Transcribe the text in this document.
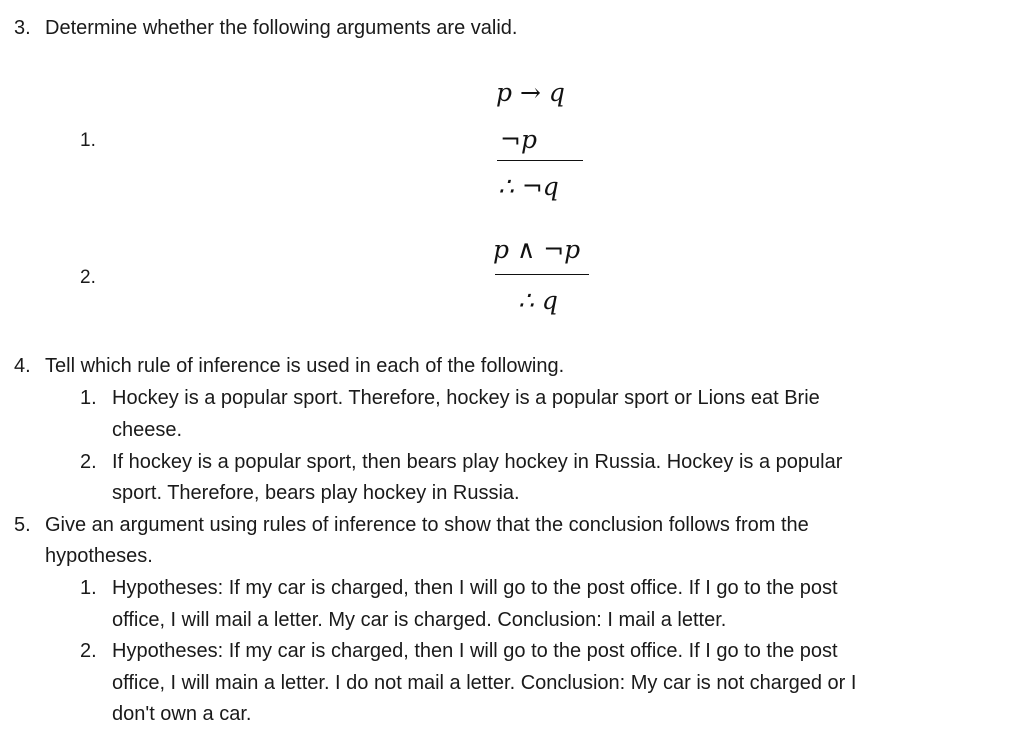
3. Determine whether the following arguments are valid.
1.
p → q
¬p
∴ ¬q
2.
p ∧ ¬p
∴ q
4. Tell which rule of inference is used in each of the following.
1. Hockey is a popular sport. Therefore, hockey is a popular sport or Lions eat Brie
cheese.
2. If hockey is a popular sport, then bears play hockey in Russia. Hockey is a popular
sport. Therefore, bears play hockey in Russia.
5. Give an argument using rules of inference to show that the conclusion follows from the
hypotheses.
1. Hypotheses: If my car is charged, then I will go to the post office. If I go to the post
office, I will mail a letter. My car is charged. Conclusion: I mail a letter.
2. Hypotheses: If my car is charged, then I will go to the post office. If I go to the post
office, I will main a letter. I do not mail a letter. Conclusion: My car is not charged or I
don't own a car.
